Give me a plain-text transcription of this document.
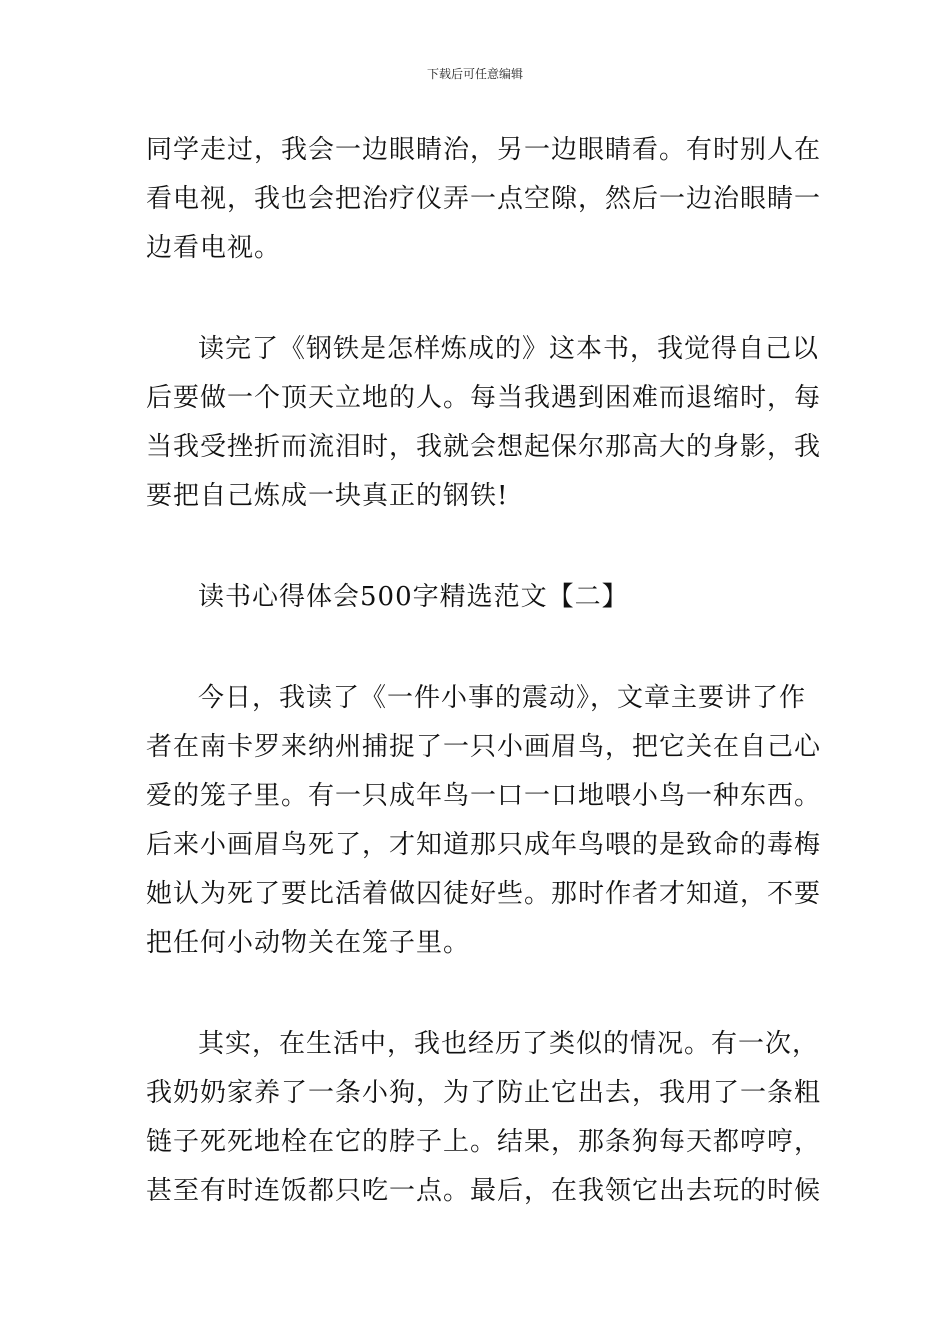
下载后可任意编辑
同学走过，我会一边眼睛治，另一边眼睛看。有时别人在
看电视，我也会把治疗仪弄一点空隙，然后一边治眼睛一
边看电视。
读完了《钢铁是怎样炼成的》这本书，我觉得自己以
后要做一个顶天立地的人。每当我遇到困难而退缩时，每
当我受挫折而流泪时，我就会想起保尔那高大的身影，我
要把自己炼成一块真正的钢铁!
读书心得体会500字精选范文【二】
今日，我读了《一件小事的震动》，文章主要讲了作
者在南卡罗来纳州捕捉了一只小画眉鸟，把它关在自己心
爱的笼子里。有一只成年鸟一口一口地喂小鸟一种东西。
后来小画眉鸟死了，才知道那只成年鸟喂的是致命的毒梅
她认为死了要比活着做囚徒好些。那时作者才知道，不要
把任何小动物关在笼子里。
其实，在生活中，我也经历了类似的情况。有一次，
我奶奶家养了一条小狗，为了防止它出去，我用了一条粗
链子死死地栓在它的脖子上。结果，那条狗每天都哼哼，
甚至有时连饭都只吃一点。最后，在我领它出去玩的时候
